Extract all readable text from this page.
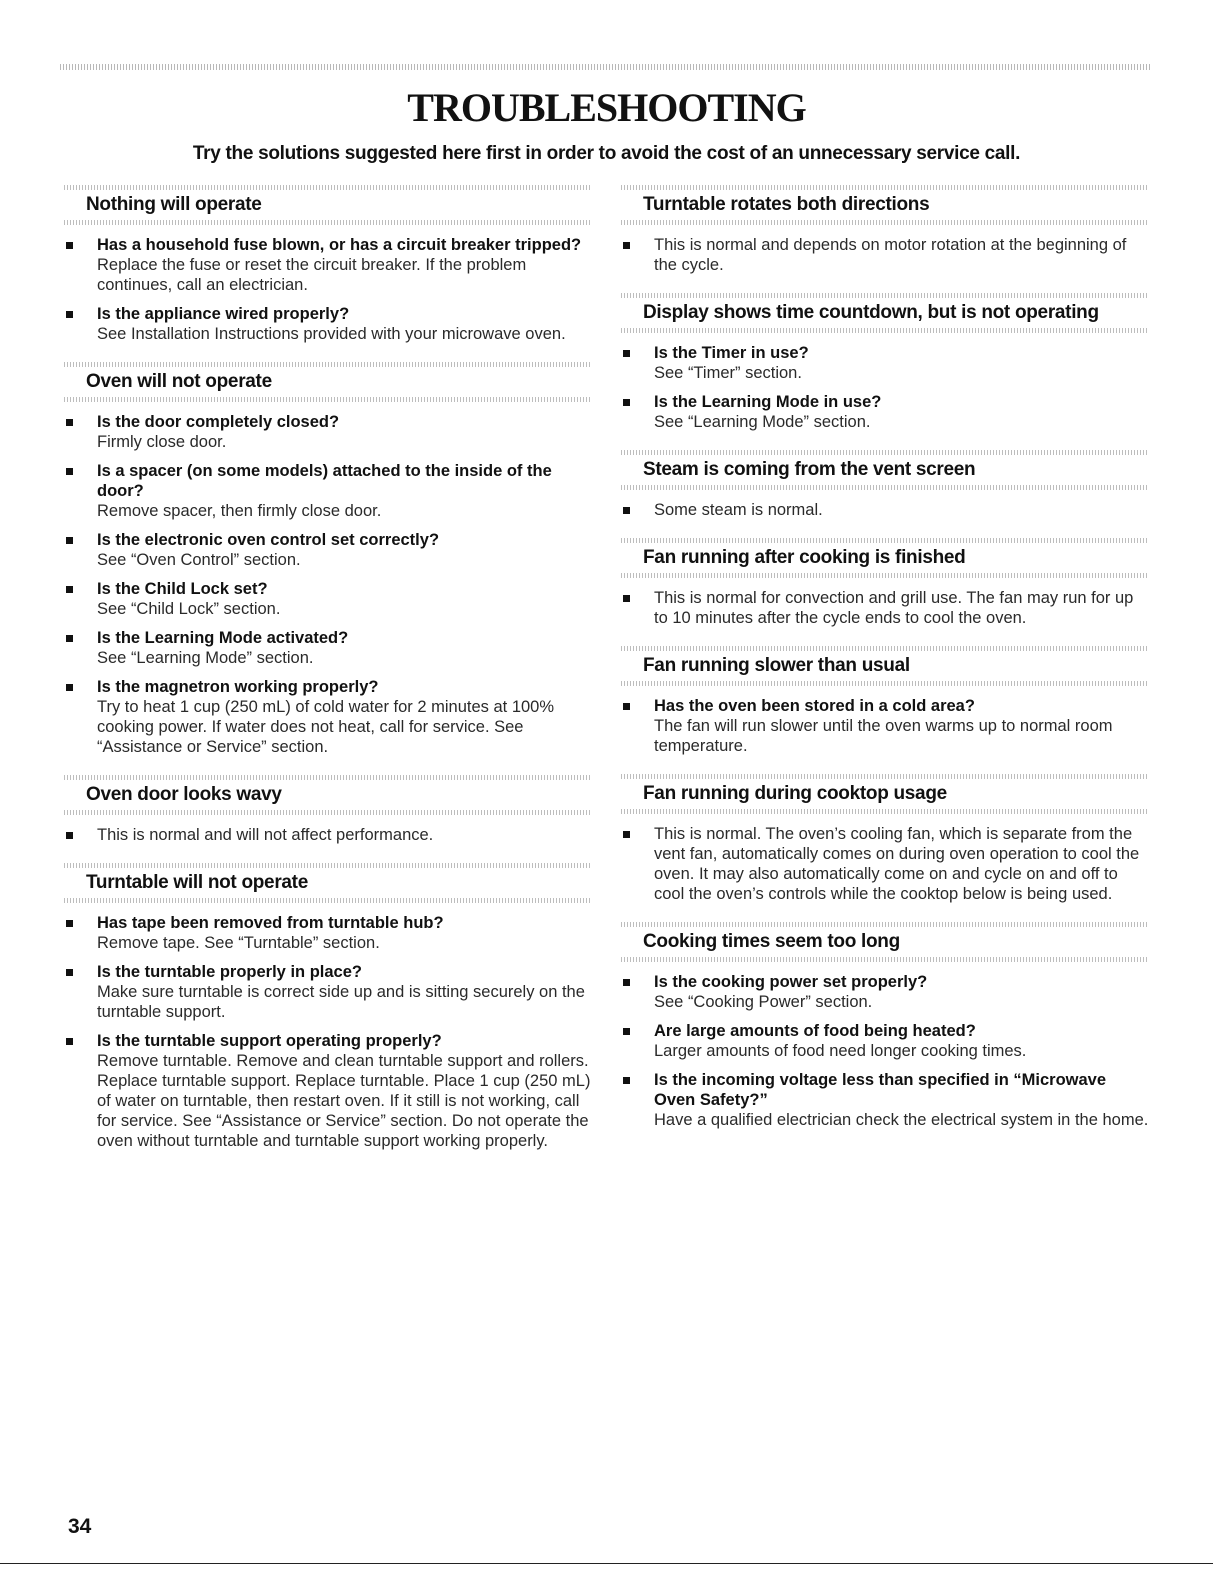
TROUBLESHOOTING
Try the solutions suggested here first in order to avoid the cost of an unnecessary service call.
Nothing will operate
Has a household fuse blown, or has a circuit breaker tripped?
Replace the fuse or reset the circuit breaker. If the problem continues, call an electrician.
Is the appliance wired properly?
See Installation Instructions provided with your microwave oven.
Oven will not operate
Is the door completely closed?
Firmly close door.
Is a spacer (on some models) attached to the inside of the door?
Remove spacer, then firmly close door.
Is the electronic oven control set correctly?
See “Oven Control” section.
Is the Child Lock set?
See “Child Lock” section.
Is the Learning Mode activated?
See “Learning Mode” section.
Is the magnetron working properly?
Try to heat 1 cup (250 mL) of cold water for 2 minutes at 100% cooking power. If water does not heat, call for service. See “Assistance or Service” section.
Oven door looks wavy
This is normal and will not affect performance.
Turntable will not operate
Has tape been removed from turntable hub?
Remove tape. See “Turntable” section.
Is the turntable properly in place?
Make sure turntable is correct side up and is sitting securely on the turntable support.
Is the turntable support operating properly?
Remove turntable. Remove and clean turntable support and rollers. Replace turntable support. Replace turntable. Place 1 cup (250 mL) of water on turntable, then restart oven. If it still is not working, call for service. See “Assistance or Service” section. Do not operate the oven without turntable and turntable support working properly.
Turntable rotates both directions
This is normal and depends on motor rotation at the beginning of the cycle.
Display shows time countdown, but is not operating
Is the Timer in use?
See “Timer” section.
Is the Learning Mode in use?
See “Learning Mode” section.
Steam is coming from the vent screen
Some steam is normal.
Fan running after cooking is finished
This is normal for convection and grill use. The fan may run for up to 10 minutes after the cycle ends to cool the oven.
Fan running slower than usual
Has the oven been stored in a cold area?
The fan will run slower until the oven warms up to normal room temperature.
Fan running during cooktop usage
This is normal. The oven’s cooling fan, which is separate from the vent fan, automatically comes on during oven operation to cool the oven. It may also automatically come on and cycle on and off to cool the oven’s controls while the cooktop below is being used.
Cooking times seem too long
Is the cooking power set properly?
See “Cooking Power” section.
Are large amounts of food being heated?
Larger amounts of food need longer cooking times.
Is the incoming voltage less than specified in “Microwave Oven Safety?”
Have a qualified electrician check the electrical system in the home.
34
